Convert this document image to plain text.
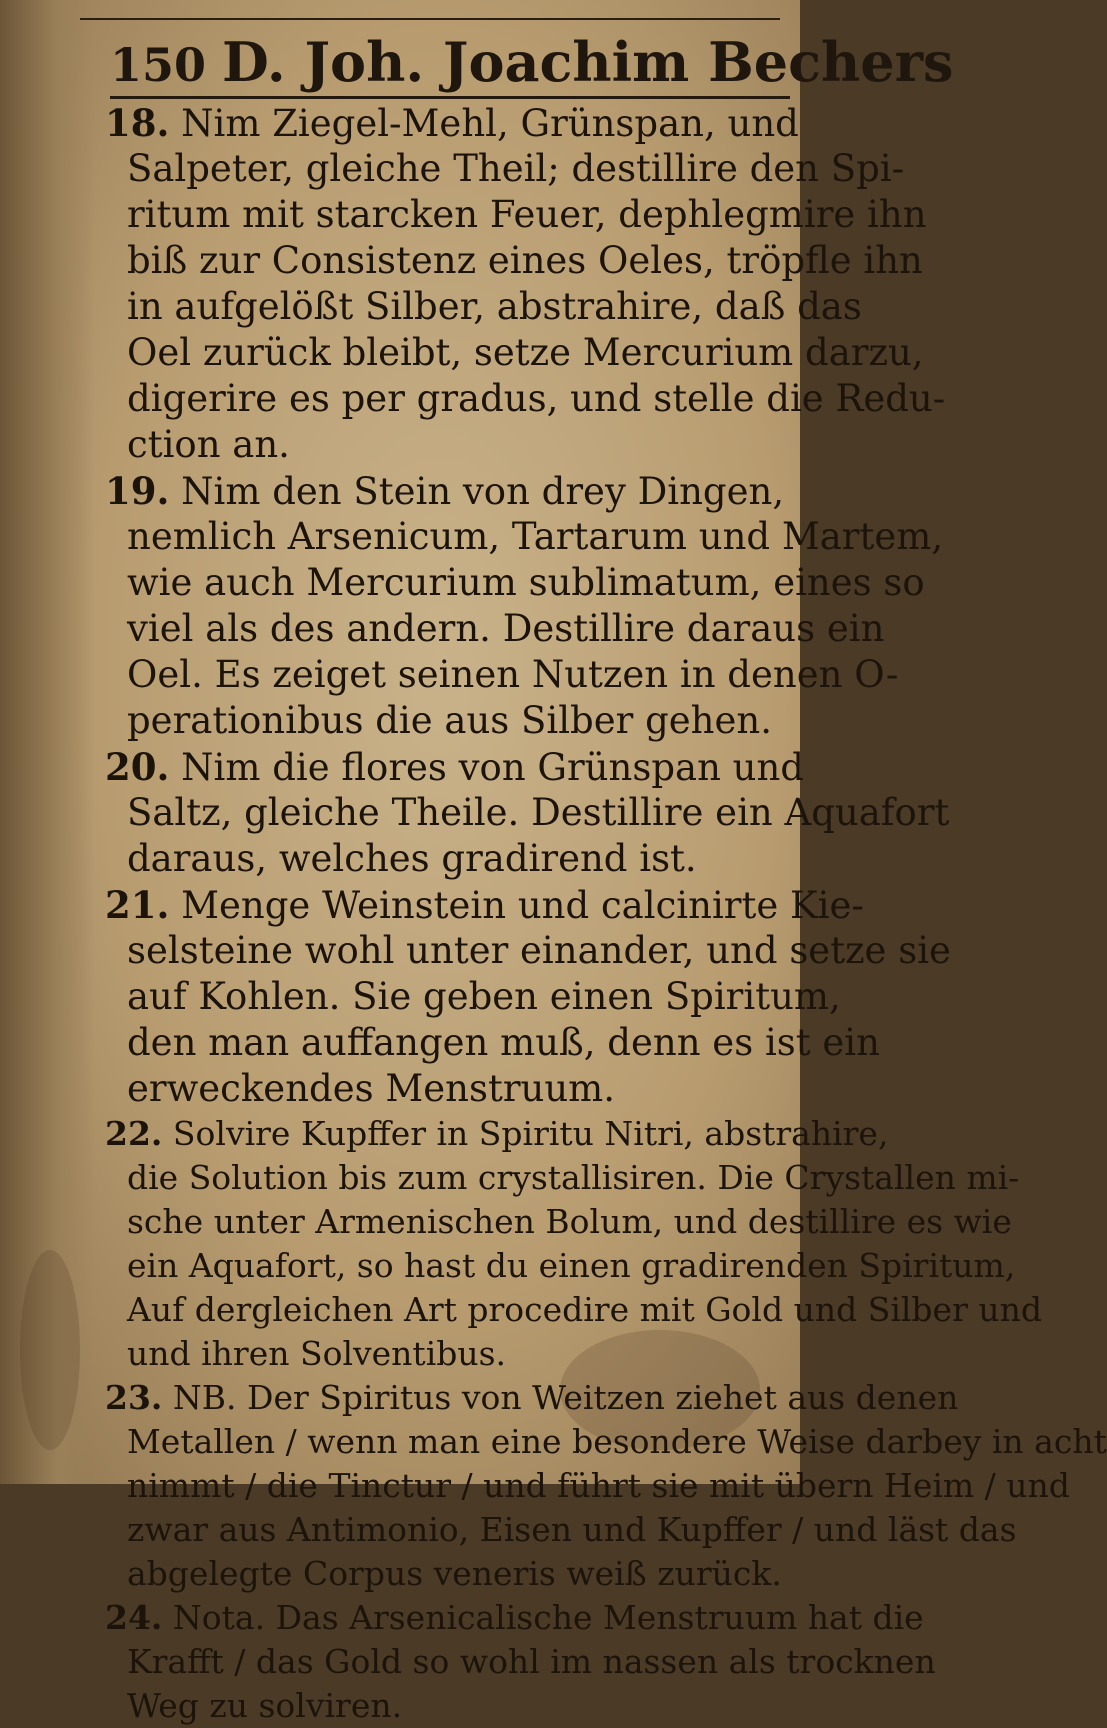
150 D. Joh. Joachim Bechers
18. Nim Ziegel-Mehl, Grünspan, und
Salpeter, gleiche Theil; destillire den Spi-
ritum mit starcken Feuer, dephlegmire ihn
biß zur Consistenz eines Oeles, tröpfle ihn
in aufgelößt Silber, abstrahire, daß das
Oel zurück bleibt, setze Mercurium darzu,
digerire es per gradus, und stelle die Redu-
ction an.
19. Nim den Stein von drey Dingen,
nemlich Arsenicum, Tartarum und Martem,
wie auch Mercurium sublimatum, eines so
viel als des andern. Destillire daraus ein
Oel. Es zeiget seinen Nutzen in denen O-
perationibus die aus Silber gehen.
20. Nim die flores von Grünspan und
Saltz, gleiche Theile. Destillire ein Aquafort
daraus, welches gradirend ist.
21. Menge Weinstein und calcinirte Kie-
selsteine wohl unter einander, und setze sie
auf Kohlen. Sie geben einen Spiritum,
den man auffangen muß, denn es ist ein
erweckendes Menstruum.
22. Solvire Kupffer in Spiritu Nitri, abstrahire,
die Solution bis zum crystallisiren. Die Crystallen mi-
sche unter Armenischen Bolum, und destillire es wie
ein Aquafort, so hast du einen gradirenden Spiritum,
Auf dergleichen Art procedire mit Gold und Silber und
und ihren Solventibus.
23. NB. Der Spiritus von Weitzen ziehet aus denen
Metallen / wenn man eine besondere Weise darbey in acht
nimmt / die Tinctur / und führt sie mit übern Heim / und
zwar aus Antimonio, Eisen und Kupffer / und läst das
abgelegte Corpus veneris weiß zurück.
24. Nota. Das Arsenicalische Menstruum hat die
Krafft / das Gold so wohl im nassen als trocknen
Weg zu solviren.
